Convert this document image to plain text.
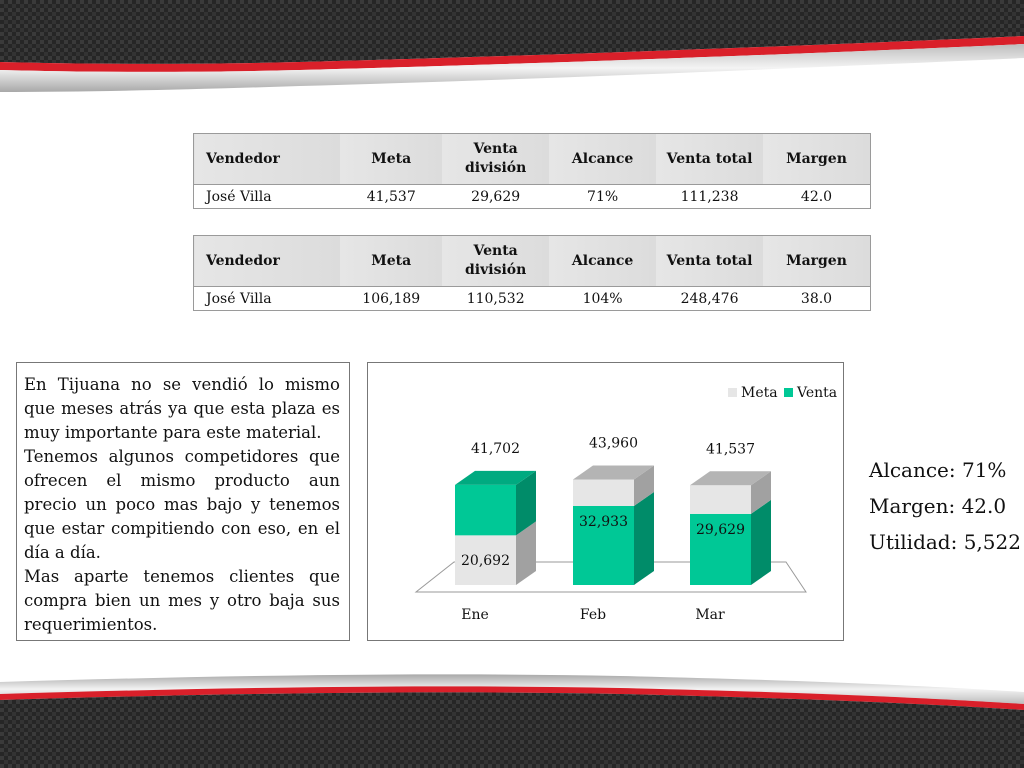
Vendedor	Meta	Venta división	Alcance	Venta total	Margen
José Villa	41,537	29,629	71%	111,238	42.0
Vendedor	Meta	Venta división	Alcance	Venta total	Margen
José Villa	106,189	110,532	104%	248,476	38.0

En Tijuana no se vendió lo mismo que meses atrás ya que esta plaza es muy importante para este material.

Tenemos algunos competidores que ofrecen el mismo producto aun precio un poco mas bajo y tenemos que estar compitiendo con eso, en el día a día.

Mas aparte tenemos clientes que compra bien un mes y otro baja sus requerimientos.

20,692
41,702
Ene
32,933
43,960
Feb
29,629
41,537
Mar
Meta Venta
Alcance: 71%
Margen: 42.0
Utilidad: 5,522
